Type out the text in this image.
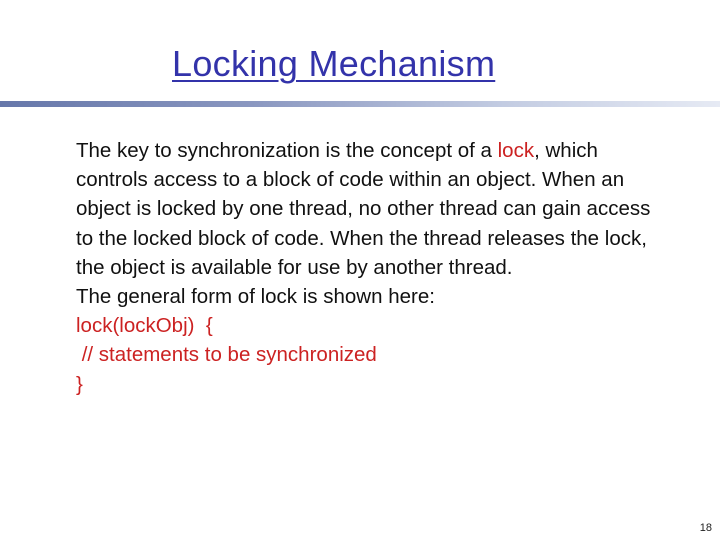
Locking Mechanism

The key to synchronization is the concept of a lock, which controls access to a block of code within an object. When an object is locked by one thread, no other thread can gain access to the locked block of code. When the thread releases the lock, the object is available for use by another thread.

The general form of lock is shown here:

lock(lockObj)  {

// statements to be synchronized

}

18
